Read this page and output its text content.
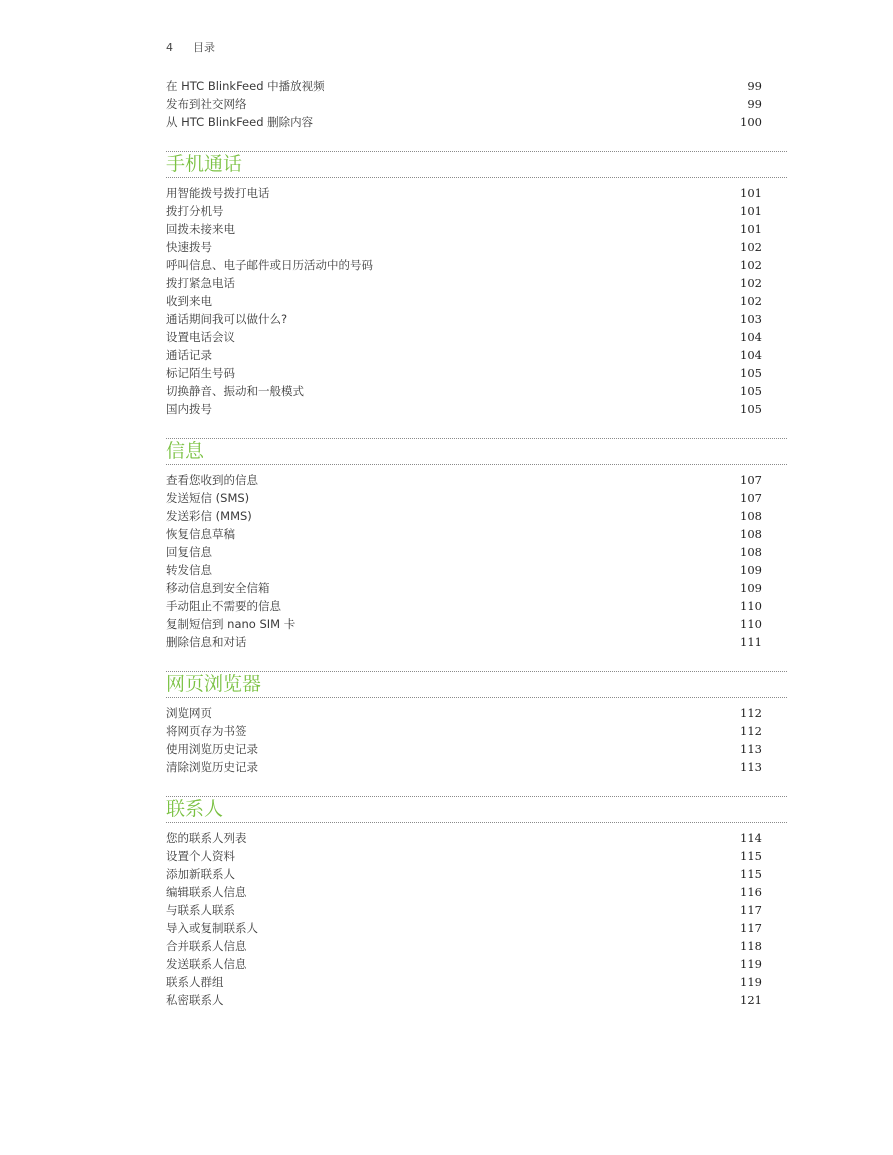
4 目录
在 HTC BlinkFeed 中播放视频	99
发布到社交网络	99
从 HTC BlinkFeed 删除内容	100
手机通话
用智能拨号拨打电话	101
拨打分机号	101
回拨未接来电	101
快速拨号	102
呼叫信息、电子邮件或日历活动中的号码	102
拨打紧急电话	102
收到来电	102
通话期间我可以做什么?	103
设置电话会议	104
通话记录	104
标记陌生号码	105
切换静音、振动和一般模式	105
国内拨号	105
信息
查看您收到的信息	107
发送短信 (SMS)	107
发送彩信 (MMS)	108
恢复信息草稿	108
回复信息	108
转发信息	109
移动信息到安全信箱	109
手动阻止不需要的信息	110
复制短信到 nano SIM 卡	110
删除信息和对话	111
网页浏览器
浏览网页	112
将网页存为书签	112
使用浏览历史记录	113
清除浏览历史记录	113
联系人
您的联系人列表	114
设置个人资料	115
添加新联系人	115
编辑联系人信息	116
与联系人联系	117
导入或复制联系人	117
合并联系人信息	118
发送联系人信息	119
联系人群组	119
私密联系人	121
